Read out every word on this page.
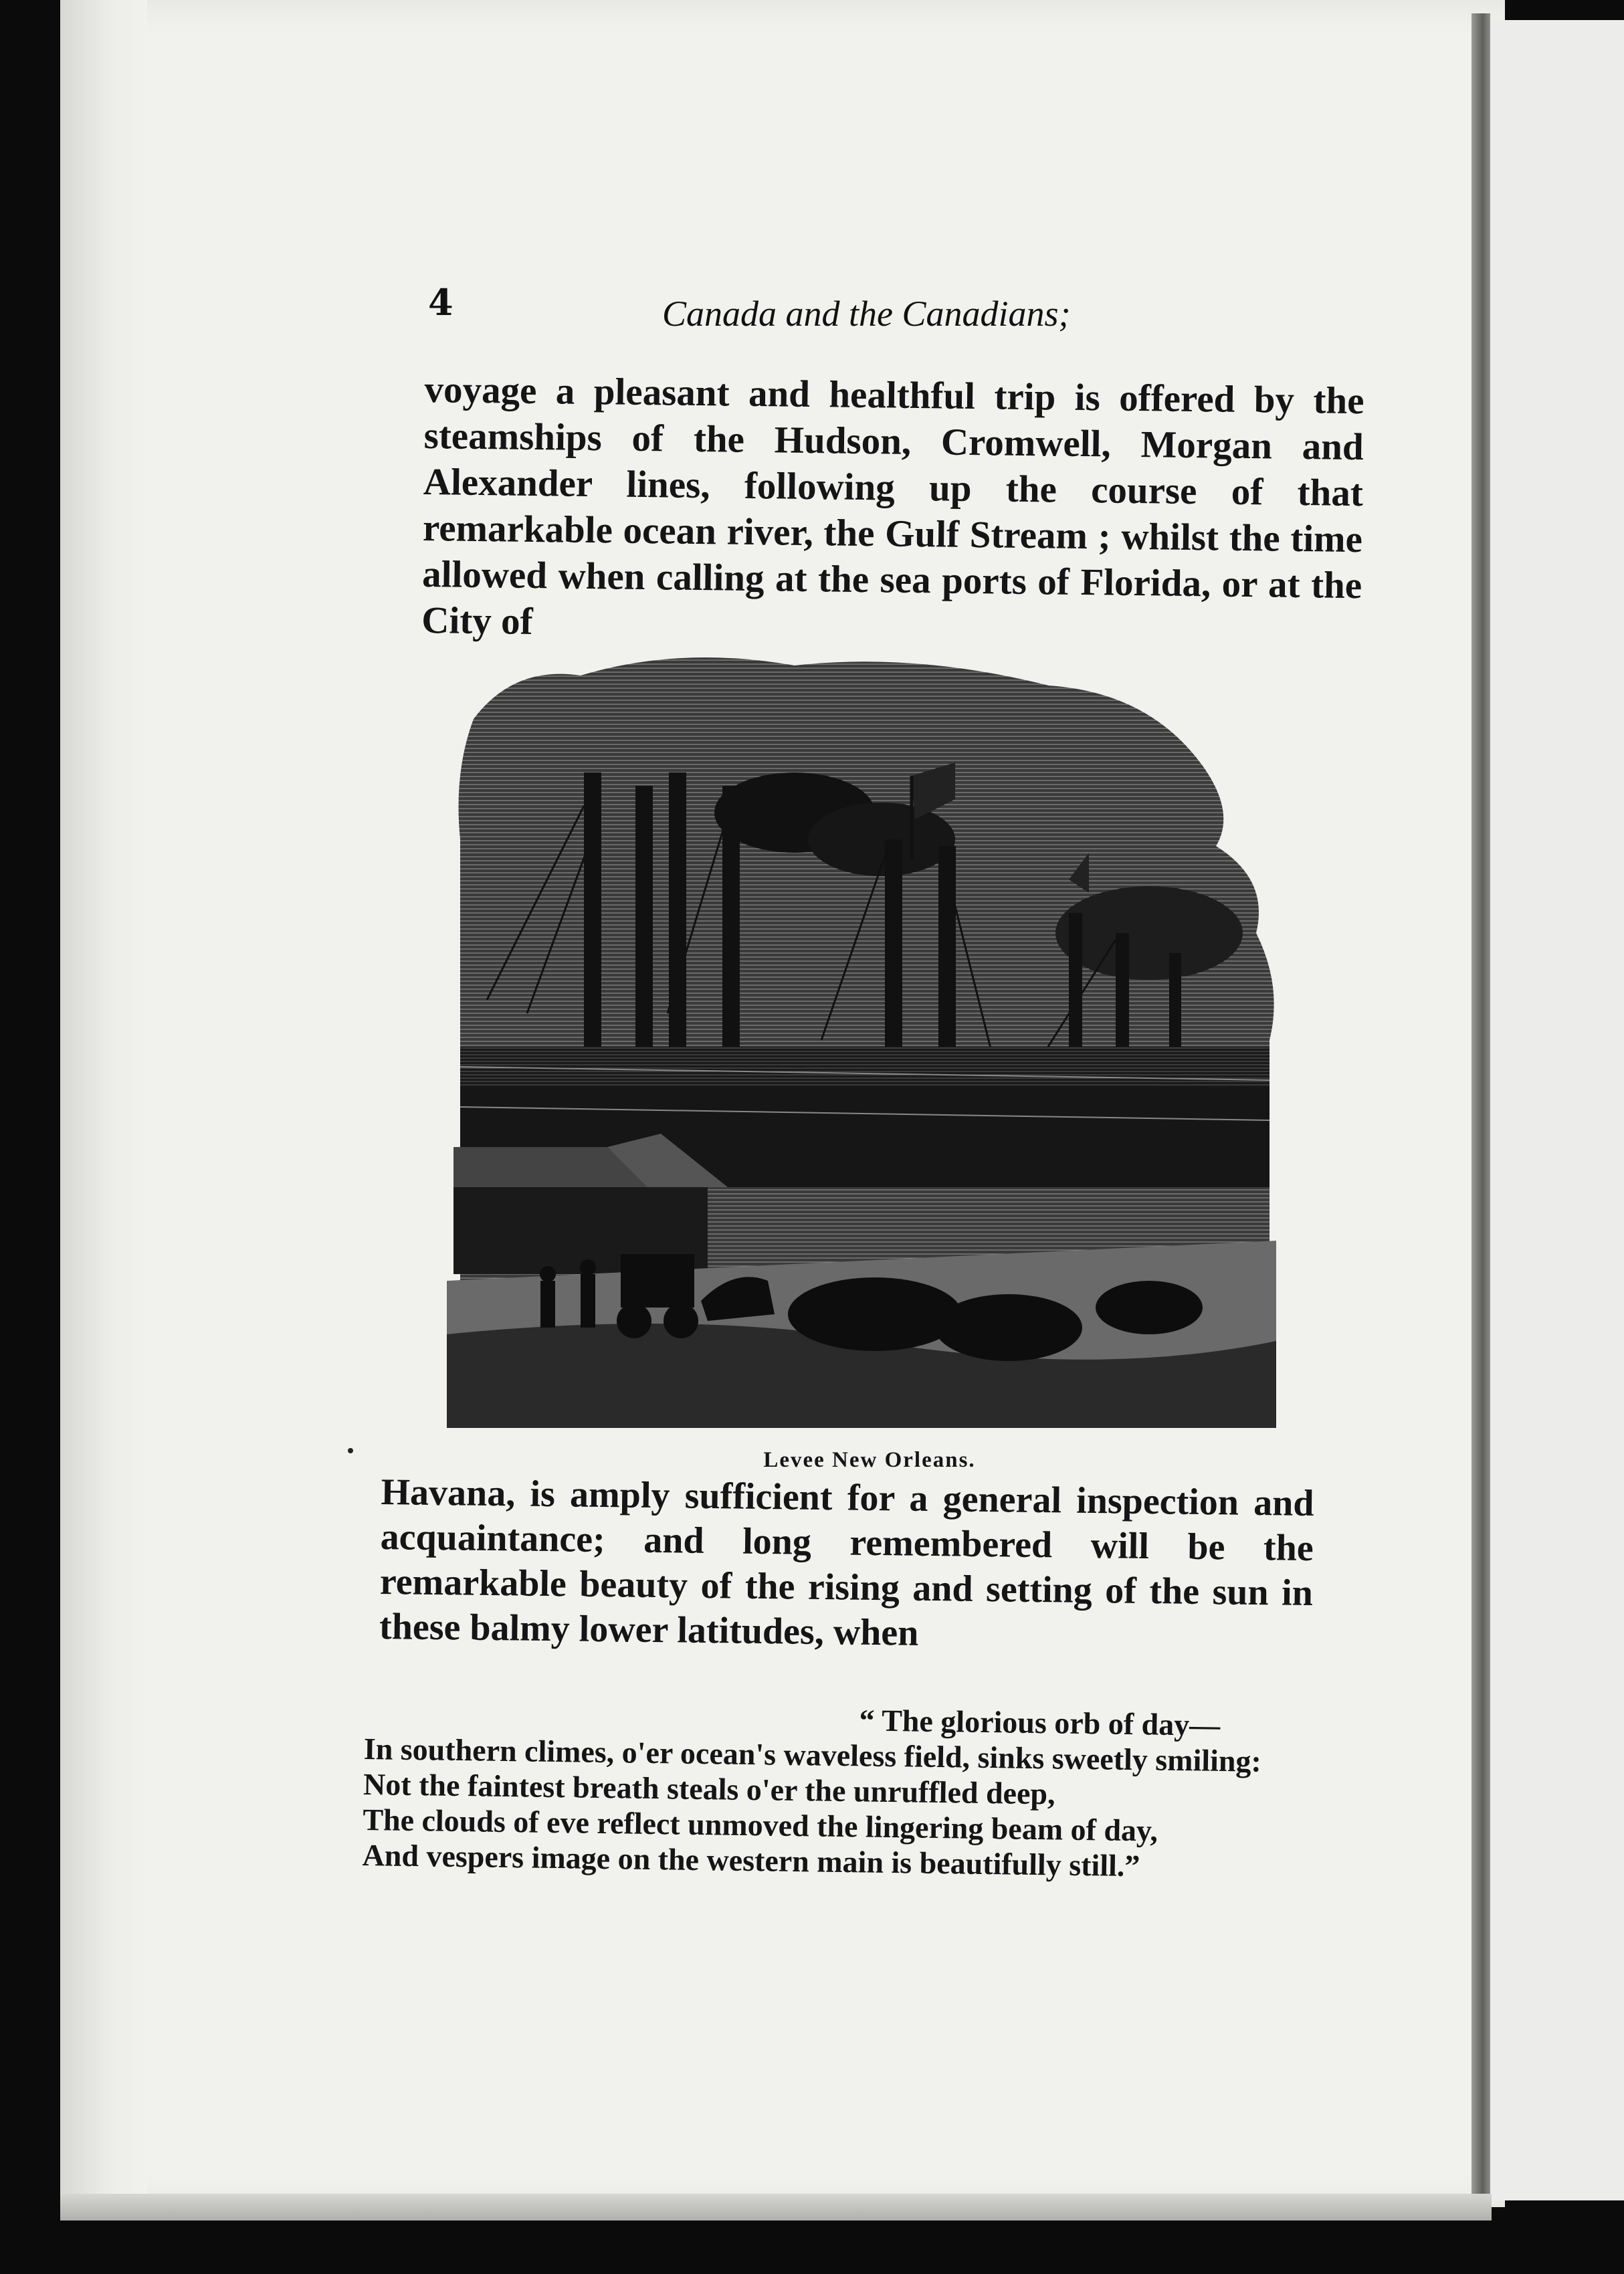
4	Canada and the Canadians;

voyage a pleasant and healthful trip is offered by the steamships of the Hudson, Cromwell, Morgan and Alexander lines, following up the course of that remarkable ocean river, the Gulf Stream ; whilst the time allowed when calling at the sea ports of Florida, or at the City of

Levee New Orleans.

Havana, is amply sufficient for a general inspection and acquaintance; and long remembered will be the remarkable beauty of the rising and setting of the sun in these balmy lower latitudes, when

“ The glorious orb of day—
In southern climes, o'er ocean's waveless field, sinks sweetly smiling:
Not the faintest breath steals o'er the unruffled deep,
The clouds of eve reflect unmoved the lingering beam of day,
And vespers image on the western main is beautifully still.”
